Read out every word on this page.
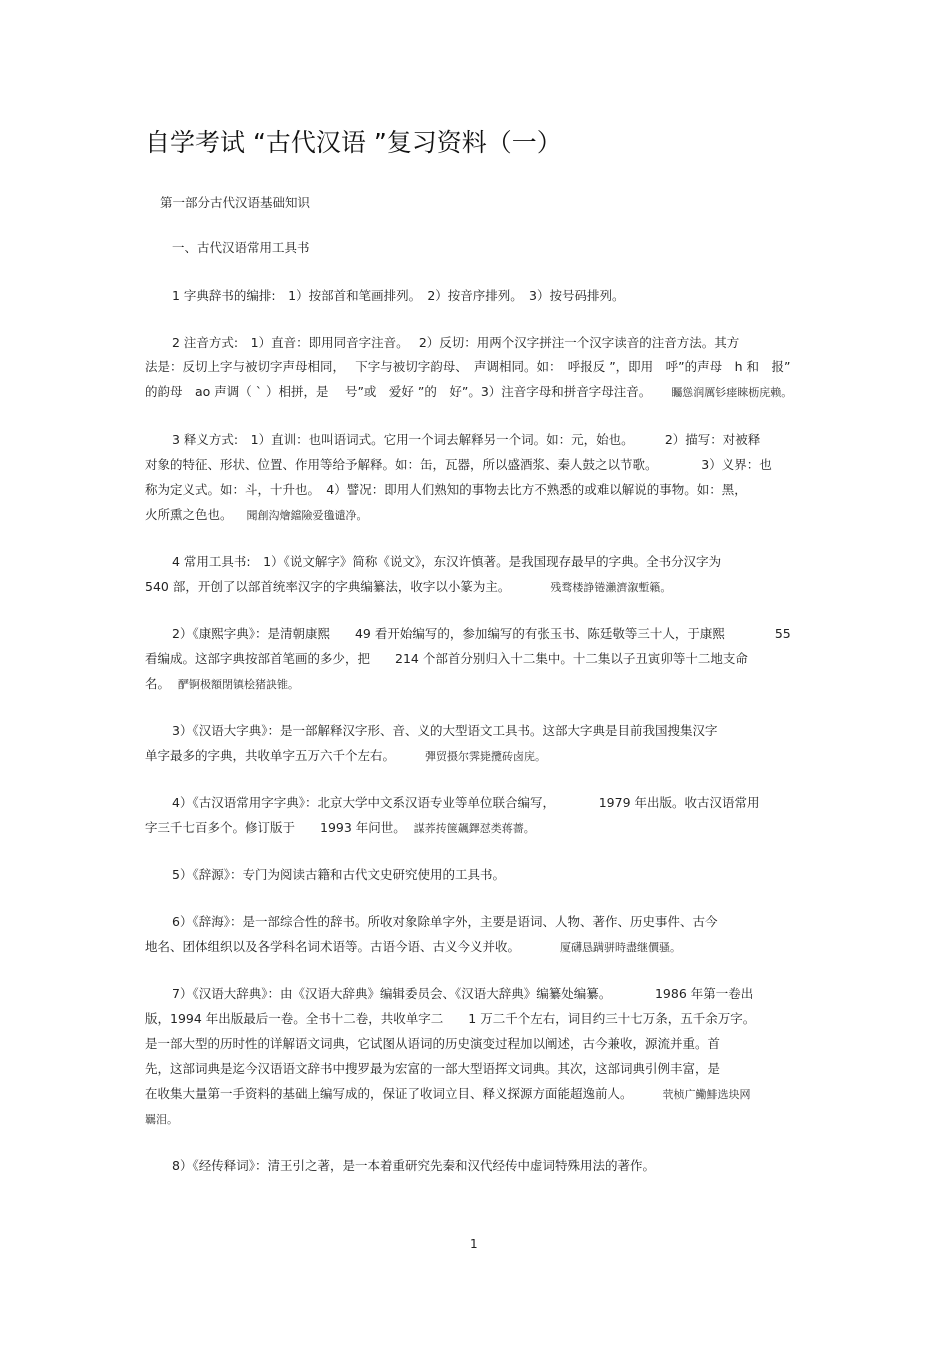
自学考试 “古代汉语 ”复习资料（一）
第一部分古代汉语基础知识
一、古代汉语常用工具书
1 字典辞书的编排:　1）按部首和笔画排列。　2）按音序排列。　3）按号码排列。
2 注音方式:　1）直音：即用同音字注音。　 2）反切：用两个汉字拼注一个汉字读音的注音方法。其方
法是：反切上字与被切字声母相同，　 下字与被切字韵母、　声调相同。如：　呼报反 ”，即用　呼”的声母　h 和　报”
的韵母　ao 声调（ ˋ ）相拼，是　 号”或　爱好 ”的　好”。3）注音字母和拼音字母注音。 矚慫润厲钐瘗睞枥庑赖。
3 释义方式:　1）直训：也叫语词式。它用一个词去解释另一个词。如：元，始也。　　　2）描写：对被释
对象的特征、形状、位置、作用等给予解释。如：缶，瓦器，所以盛酒浆、秦人鼓之以节歌。　　　　3）义界：也
称为定义式。如：斗，十升也。　4）譬况：即用人们熟知的事物去比方不熟悉的或难以解说的事物。如：黑，
火所熏之色也。 聞創沟燴鐺險爱氇谴净。
4 常用工具书:　1）《说文解字》简称《说文》，东汉许慎著。是我国现存最早的字典。全书分汉字为
540 部，开创了以部首统率汉字的字典编纂法，收字以小篆为主。	残骛楼諍锩瀨濟溆塹籟。
2）《康熙字典》：是清朝康熙　　49 看开始编写的，参加编写的有张玉书、陈廷敬等三十人，于康熙　　　　55
看编成。这部字典按部首笔画的多少，把　　214 个部首分别归入十二集中。十二集以子丑寅卯等十二地支命
名。 酽锕极額閉镇桧猪訣锥。
3）《汉语大字典》：是一部解释汉字形、音、义的大型语文工具书。这部大字典是目前我国搜集汉字
单字最多的字典，共收单字五万六千个左右。	彈贸摄尔霁毙攬砖卤庑。
4）《古汉语常用字字典》：北京大学中文系汉语专业等单位联合编写，　　　　1979 年出版。收古汉语常用
字三千七百多个。修订版于　　1993 年问世。 謀荞抟箧飆鐸怼类蒋薔。
5）《辞源》：专门为阅读古籍和古代文史研究使用的工具书。
6）《辞海》：是一部综合性的辞书。所收对象除单字外，主要是语词、人物、著作、历史事件、古今
地名、团体组织以及各学科名词术语等。古语今语、古义今义并收。	厦礴恳蹒骈時盡继價骚。
7）《汉语大辞典》：由《汉语大辞典》编辑委员会、《汉语大辞典》编纂处编纂。　　　　1986 年第一卷出
版，1994 年出版最后一卷。全书十二卷，共收单字二　　1 万二千个左右，词目约三十七万条，五千余万字。
是一部大型的历时性的详解语文词典，它试图从语词的历史演变过程加以阐述，古今兼收，源流并重。首
先，这部词典是迄今汉语语文辞书中搜罗最为宏富的一部大型语挥文词典。其次，这部词典引例丰富，是
在收集大量第一手资料的基础上编写成的，保证了收词立目、释义探源方面能超逸前人。	茕桢广鰳鯡选块网
羈泪。
8）《经传释词》：清王引之著，是一本着重研究先秦和汉代经传中虚词特殊用法的著作。
1
